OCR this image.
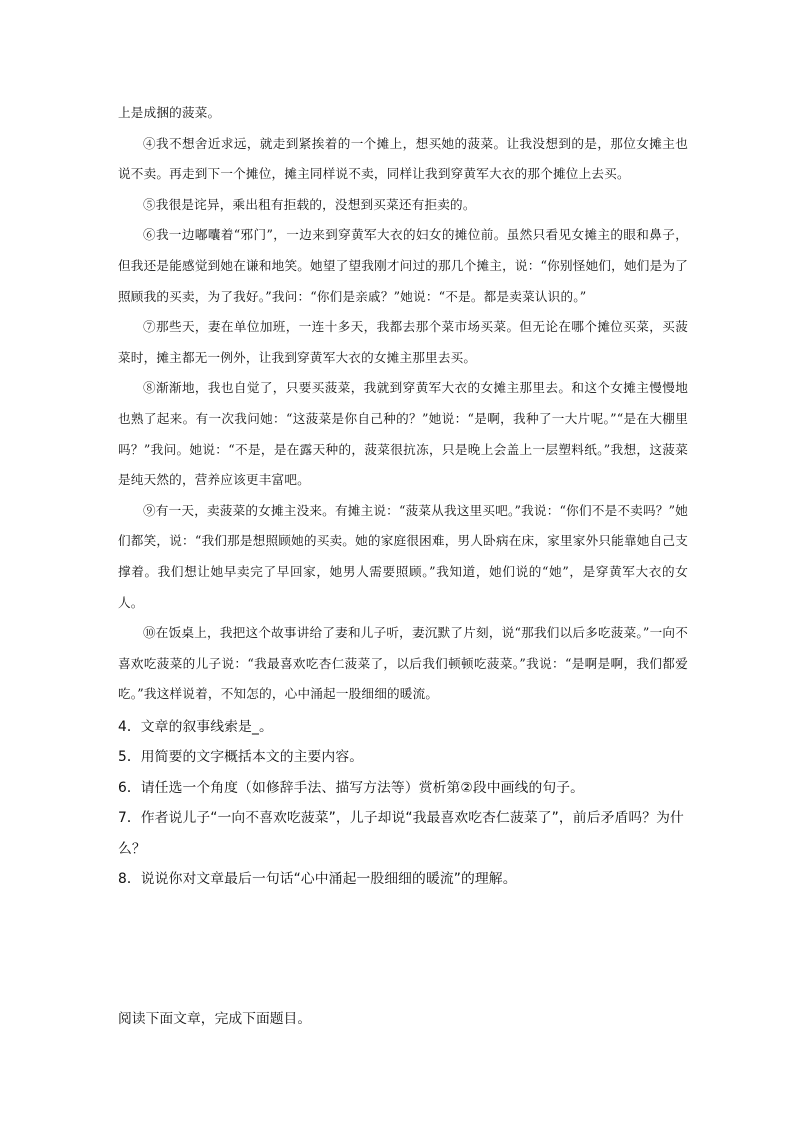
上是成捆的菠菜。

④我不想舍近求远，就走到紧挨着的一个摊上，想买她的菠菜。让我没想到的是，那位女摊主也说不卖。再走到下一个摊位，摊主同样说不卖，同样让我到穿黄军大衣的那个摊位上去买。

⑤我很是诧异，乘出租有拒载的，没想到买菜还有拒卖的。

⑥我一边嘟囔着“邪门”，一边来到穿黄军大衣的妇女的摊位前。虽然只看见女摊主的眼和鼻子，但我还是能感觉到她在谦和地笑。她望了望我刚才问过的那几个摊主，说：“你别怪她们，她们是为了照顾我的买卖，为了我好。”我问：“你们是亲戚？”她说：“不是。都是卖菜认识的。”

⑦那些天，妻在单位加班，一连十多天，我都去那个菜市场买菜。但无论在哪个摊位买菜，买菠菜时，摊主都无一例外，让我到穿黄军大衣的女摊主那里去买。

⑧渐渐地，我也自觉了，只要买菠菜，我就到穿黄军大衣的女摊主那里去。和这个女摊主慢慢地也熟了起来。有一次我问她：“这菠菜是你自己种的？”她说：“是啊，我种了一大片呢。”“是在大棚里吗？”我问。她说：“不是，是在露天种的，菠菜很抗冻，只是晚上会盖上一层塑料纸。”我想，这菠菜是纯天然的，营养应该更丰富吧。

⑨有一天，卖菠菜的女摊主没来。有摊主说：“菠菜从我这里买吧。”我说：“你们不是不卖吗？”她们都笑，说：“我们那是想照顾她的买卖。她的家庭很困难，男人卧病在床，家里家外只能靠她自己支撑着。我们想让她早卖完了早回家，她男人需要照顾。”我知道，她们说的“她”，是穿黄军大衣的女人。

⑩在饭桌上，我把这个故事讲给了妻和儿子听，妻沉默了片刻，说“那我们以后多吃菠菜。”一向不喜欢吃菠菜的儿子说：“我最喜欢吃杏仁菠菜了，以后我们顿顿吃菠菜。”我说：“是啊是啊，我们都爱吃。”我这样说着，不知怎的，心中涌起一股细细的暖流。

4．文章的叙事线索是_。

5．用简要的文字概括本文的主要内容。

6．请任选一个角度（如修辞手法、描写方法等）赏析第②段中画线的句子。

7．作者说儿子“一向不喜欢吃菠菜”，儿子却说“我最喜欢吃杏仁菠菜了”，前后矛盾吗？为什么？

8．说说你对文章最后一句话“心中涌起一股细细的暖流”的理解。

阅读下面文章，完成下面题目。
